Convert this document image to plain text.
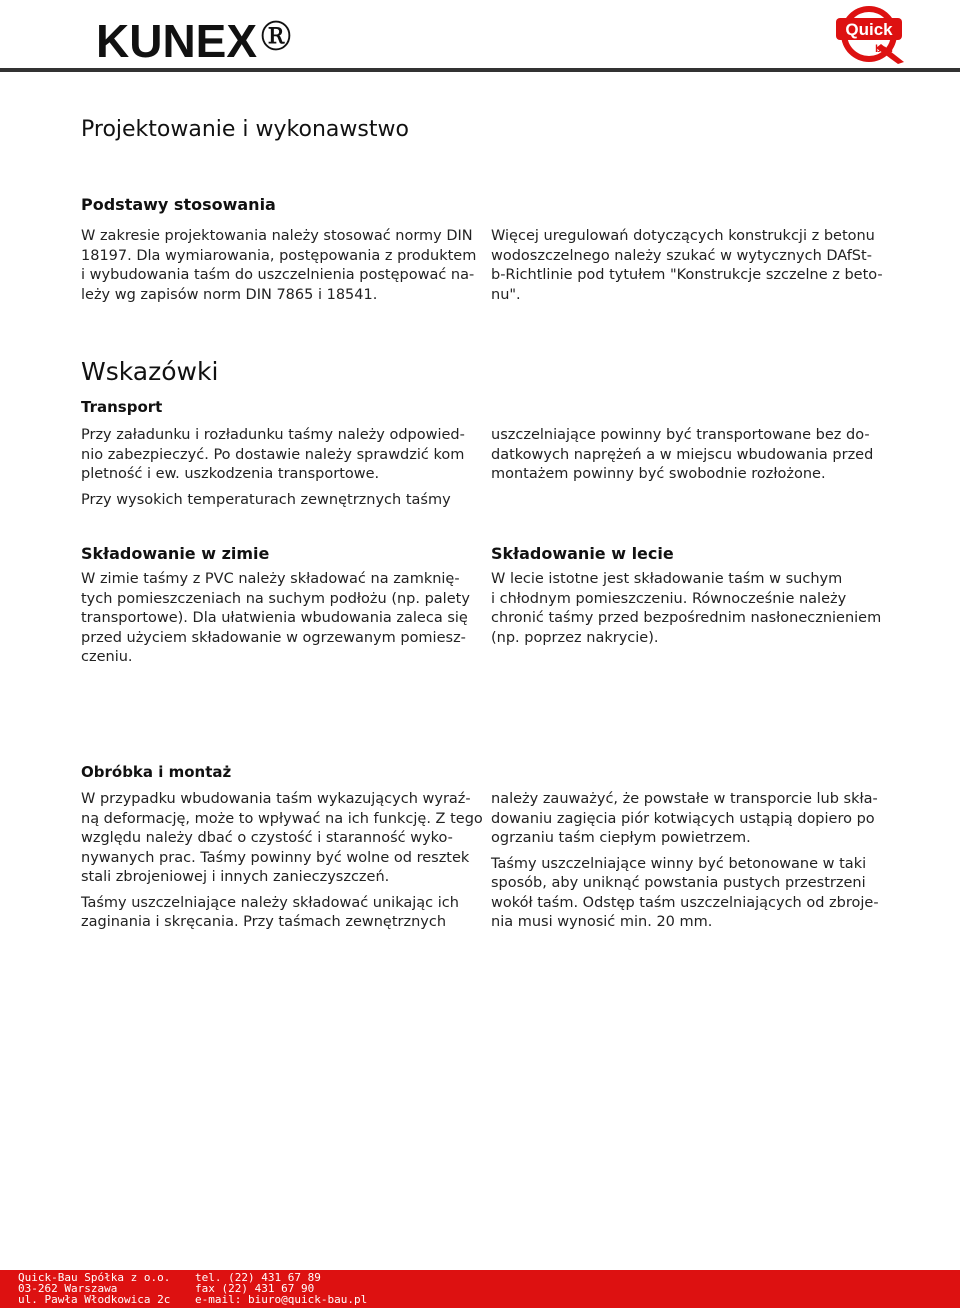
KUNEX Ⓡ	Quick
bau
Projektowanie i wykonawstwo
Podstawy stosowania
W zakresie projektowania należy stosować normy DIN
18197. Dla wymiarowania, postępowania z produktem
i wybudowania taśm do uszczelnienia postępować na-
leży wg zapisów norm DIN 7865 i 18541.
Więcej uregulowań dotyczących konstrukcji z betonu
wodoszczelnego należy szukać w wytycznych DAfSt-
b-Richtlinie pod tytułem "Konstrukcje szczelne z beto-
nu".
Wskazówki
Transport
Przy załadunku i rozładunku taśmy należy odpowied-
nio zabezpieczyć. Po dostawie należy sprawdzić kom
pletność i ew. uszkodzenia transportowe.
Przy wysokich temperaturach zewnętrznych taśmy
uszczelniające powinny być transportowane bez do-
datkowych naprężeń a w miejscu wbudowania przed
montażem powinny być swobodnie rozłożone.
Składowanie w zimie
W zimie taśmy z PVC należy składować na zamknię-
tych pomieszczeniach na suchym podłożu (np. palety
transportowe). Dla ułatwienia wbudowania zaleca się
przed użyciem składowanie w ogrzewanym pomiesz-
czeniu.
Składowanie w lecie
W lecie istotne jest składowanie taśm w suchym
i chłodnym pomieszczeniu. Równocześnie należy
chronić taśmy przed bezpośrednim nasłonecznieniem
(np. poprzez nakrycie).
Obróbka i montaż
W przypadku wbudowania taśm wykazujących wyraź-
ną deformację, może to wpływać na ich funkcję. Z tego
względu należy dbać o czystość i staranność wyko-
nywanych prac. Taśmy powinny być wolne od resztek
stali zbrojeniowej i innych zanieczyszczeń.
Taśmy uszczelniające należy składować unikając ich
zaginania i skręcania. Przy taśmach zewnętrznych
należy zauważyć, że powstałe w transporcie lub skła-
dowaniu zagięcia piór kotwiących ustąpią dopiero po
ogrzaniu taśm ciepłym powietrzem.
Taśmy uszczelniające winny być betonowane w taki
sposób, aby uniknąć powstania pustych przestrzeni
wokół taśm. Odstęp taśm uszczelniających od zbroje-
nia musi wynosić min. 20 mm.
Quick-Bau Spółka z o.o.
03-262 Warszawa
ul. Pawła Włodkowica 2c
tel. (22) 431 67 89
fax (22) 431 67 90
e-mail: biuro@quick-bau.pl
